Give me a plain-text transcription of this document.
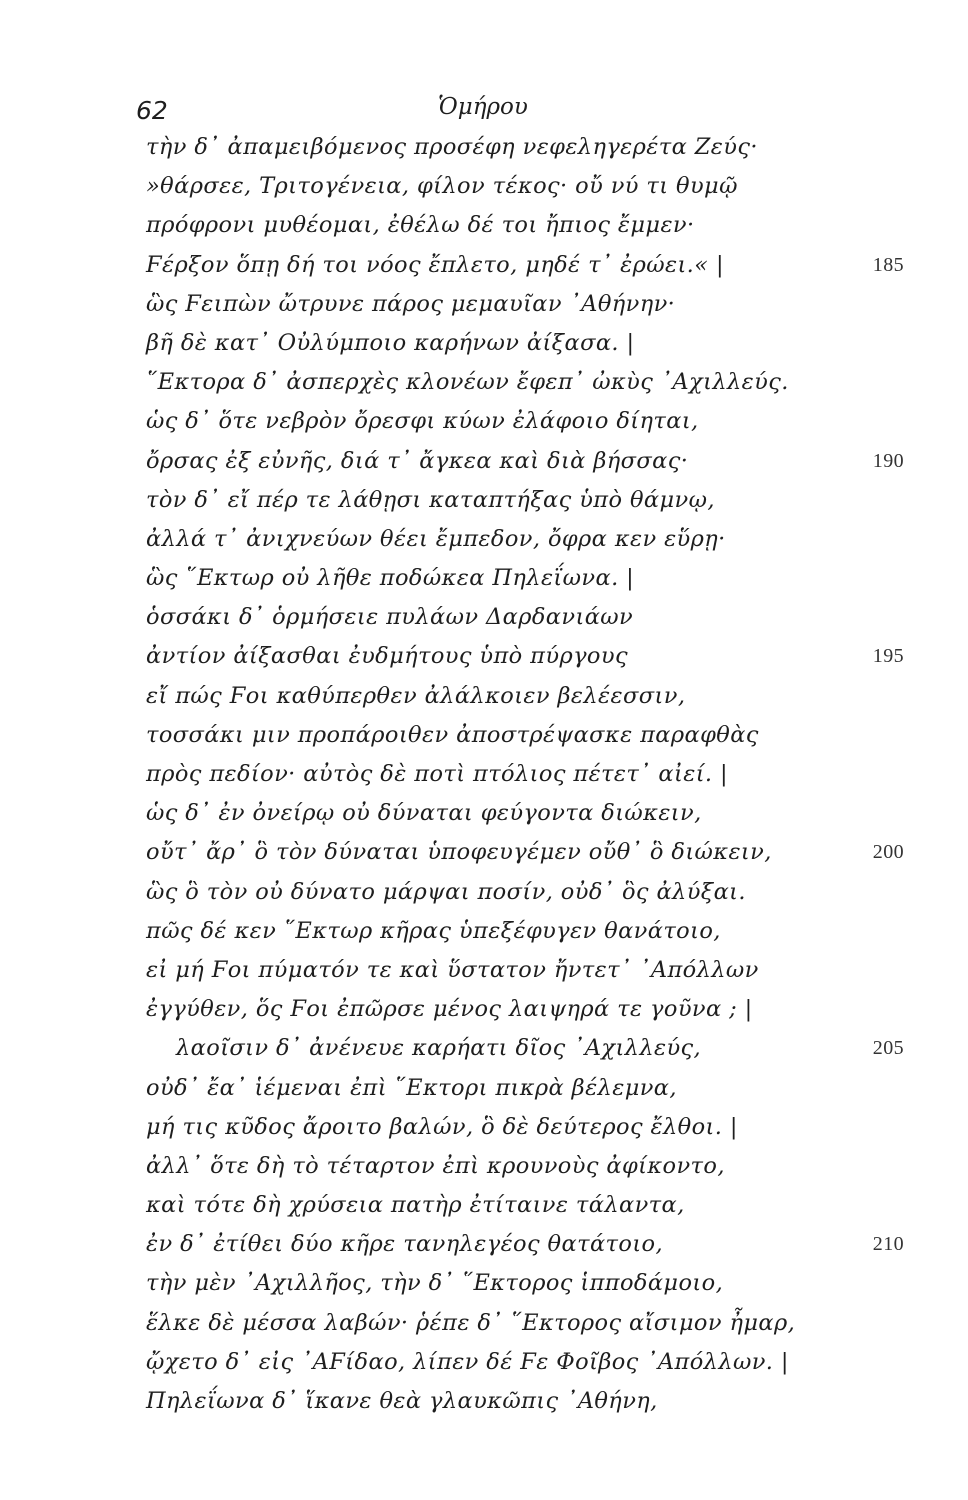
62	Ὁμήρου
τὴν δ᾽ ἀπαμειβόμενος προσέφη νεφεληγερέτα Ζεύς·
»θάρσεε, Τριτογένεια, φίλον τέκος· οὔ νύ τι θυμῷ
πρόφρονι μυθέομαι, ἐθέλω δέ τοι ἤπιος ἔμμεν·
Ϝέρξον ὅπῃ δή τοι νόος ἔπλετο, μηδέ τ᾽ ἐρώει.« |	185
ὣς Ϝειπὼν ὤτρυνε πάρος μεμαυῖαν ᾽Αθήνην·
βῆ δὲ κατ᾽ Οὐλύμποιο καρήνων ἀίξασα. |
῞Εκτορα δ᾽ ἀσπερχὲς κλονέων ἔφεπ᾽ ὠκὺς ᾽Αχιλλεύς.
ὡς δ᾽ ὅτε νεβρὸν ὄρεσφι κύων ἐλάφοιο δίηται,
ὄρσας ἐξ εὐνῆς, διά τ᾽ ἄγκεα καὶ διὰ βήσσας·	190
τὸν δ᾽ εἴ πέρ τε λάθῃσι καταπτήξας ὑπὸ θάμνῳ,
ἀλλά τ᾽ ἀνιχνεύων θέει ἔμπεδον, ὄφρα κεν εὕρῃ·
ὣς ῞Εκτωρ οὐ λῆθε ποδώκεα Πηλεΐωνα. |
ὁσσάκι δ᾽ ὁρμήσειε πυλάων Δαρδανιάων
ἀντίον ἀίξασθαι ἐυδμήτους ὑπὸ πύργους	195
εἴ πώς Ϝοι καθύπερθεν ἀλάλκοιεν βελέεσσιν,
τοσσάκι μιν προπάροιθεν ἀποστρέψασκε παραφθὰς
πρὸς πεδίον· αὐτὸς δὲ ποτὶ πτόλιος πέτετ᾽ αἰεί. |
ὡς δ᾽ ἐν ὀνείρῳ οὐ δύναται φεύγοντα διώκειν,
οὔτ᾽ ἄρ᾽ ὃ τὸν δύναται ὑποφευγέμεν οὔθ᾽ ὃ διώκειν,	200
ὣς ὃ τὸν οὐ δύνατο μάρψαι ποσίν, οὐδ᾽ ὃς ἀλύξαι.
πῶς δέ κεν ῞Εκτωρ κῆρας ὑπεξέφυγεν θανάτοιο,
εἰ μή Ϝοι πύματόν τε καὶ ὕστατον ἤντετ᾽ ᾽Απόλλων
ἐγγύθεν, ὅς Ϝοι ἐπῶρσε μένος λαιψηρά τε γοῦνα ; |
λαοῖσιν δ᾽ ἀνένευε καρήατι δῖος ᾽Αχιλλεύς,	205
οὐδ᾽ ἔα᾽ ἱέμεναι ἐπὶ ῞Εκτορι πικρὰ βέλεμνα,
μή τις κῦδος ἄροιτο βαλών, ὃ δὲ δεύτερος ἔλθοι. |
ἀλλ᾽ ὅτε δὴ τὸ τέταρτον ἐπὶ κρουνοὺς ἀφίκοντο,
καὶ τότε δὴ χρύσεια πατὴρ ἐτίταινε τάλαντα,
ἐν δ᾽ ἐτίθει δύο κῆρε τανηλεγέος θατάτοιο,	210
τὴν μὲν ᾽Αχιλλῆος, τὴν δ᾽ ῞Εκτορος ἱπποδάμοιο,
ἕλκε δὲ μέσσα λαβών· ῥέπε δ᾽ ῞Εκτορος αἴσιμον ἦμαρ,
ᾤχετο δ᾽ εἰς ᾽ΑϜίδαο, λίπεν δέ Ϝε Φοῖβος ᾽Απόλλων. |
Πηλεΐωνα δ᾽ ἵκανε θεὰ γλαυκῶπις ᾽Αθήνη,
